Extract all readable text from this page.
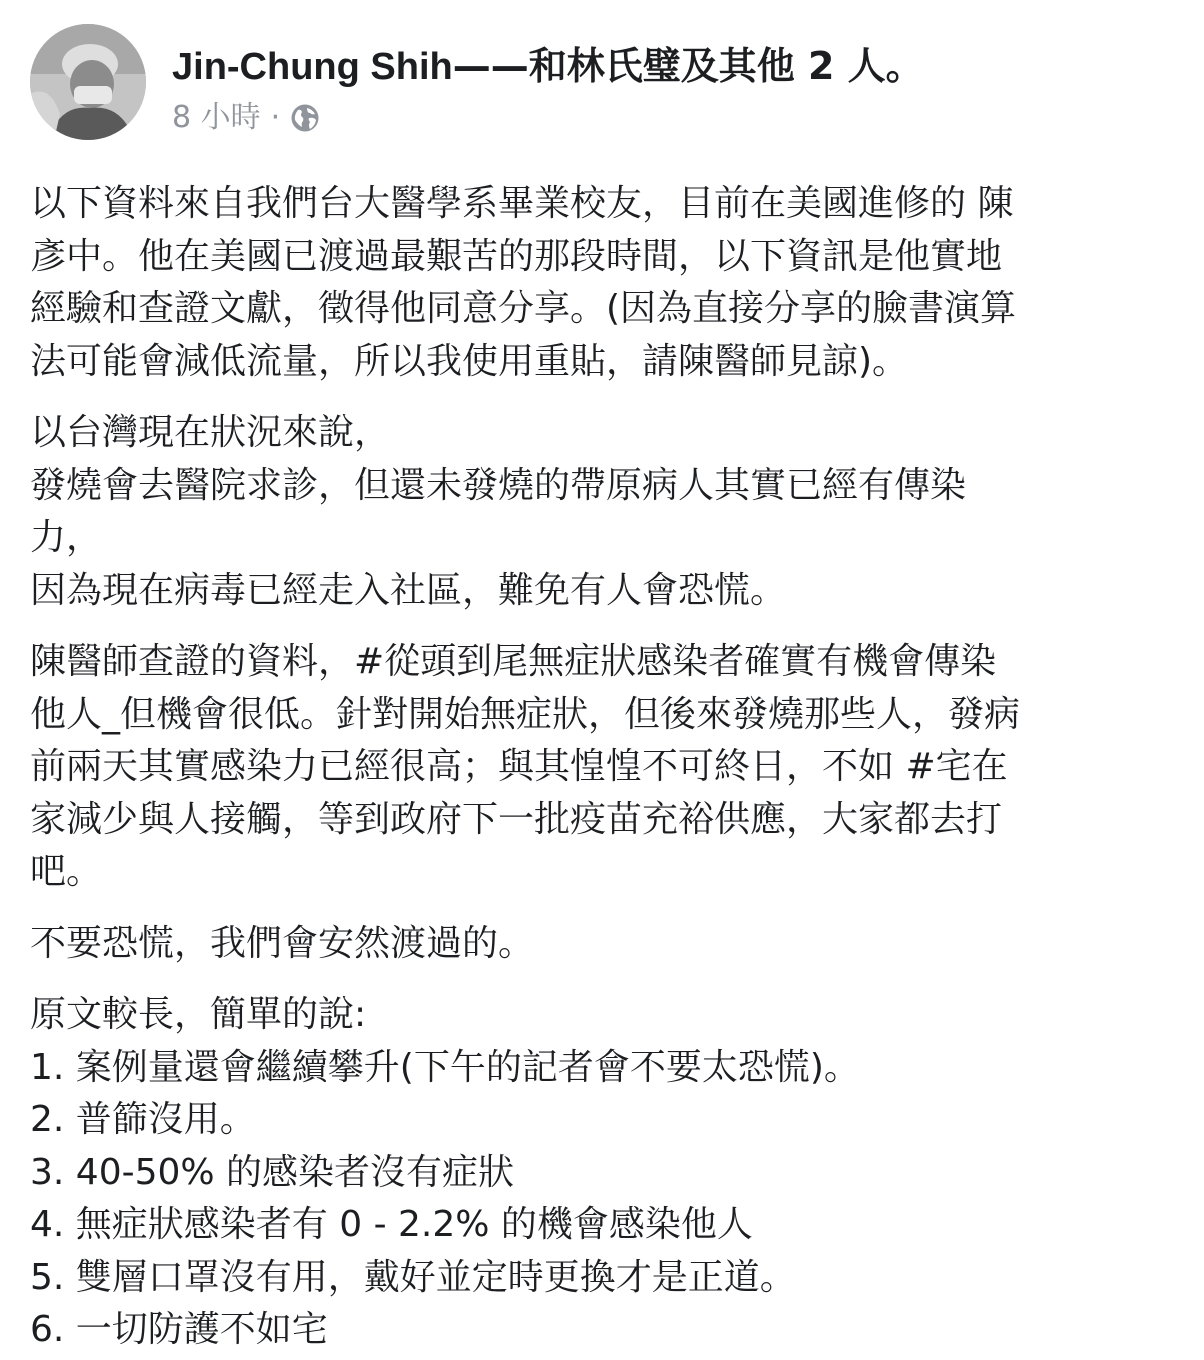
Jin-Chung Shih——和林氏璧及其他 2 人。
8 小時 ·
以下資料來自我們台大醫學系畢業校友，目前在美國進修的 陳
彥中。他在美國已渡過最艱苦的那段時間，以下資訊是他實地
經驗和查證文獻，徵得他同意分享。(因為直接分享的臉書演算
法可能會減低流量，所以我使用重貼，請陳醫師見諒)。
以台灣現在狀況來說，
發燒會去醫院求診，但還未發燒的帶原病人其實已經有傳染
力，
因為現在病毒已經走入社區，難免有人會恐慌。
陳醫師查證的資料，#從頭到尾無症狀感染者確實有機會傳染
他人_但機會很低。針對開始無症狀，但後來發燒那些人，發病
前兩天其實感染力已經很高；與其惶惶不可終日，不如 #宅在
家減少與人接觸，等到政府下一批疫苗充裕供應，大家都去打
吧。
不要恐慌，我們會安然渡過的。
原文較長，簡單的說:
1. 案例量還會繼續攀升(下午的記者會不要太恐慌)。
2. 普篩沒用。
3. 40-50% 的感染者沒有症狀
4. 無症狀感染者有 0 - 2.2% 的機會感染他人
5. 雙層口罩沒有用，戴好並定時更換才是正道。
6. 一切防護不如宅
